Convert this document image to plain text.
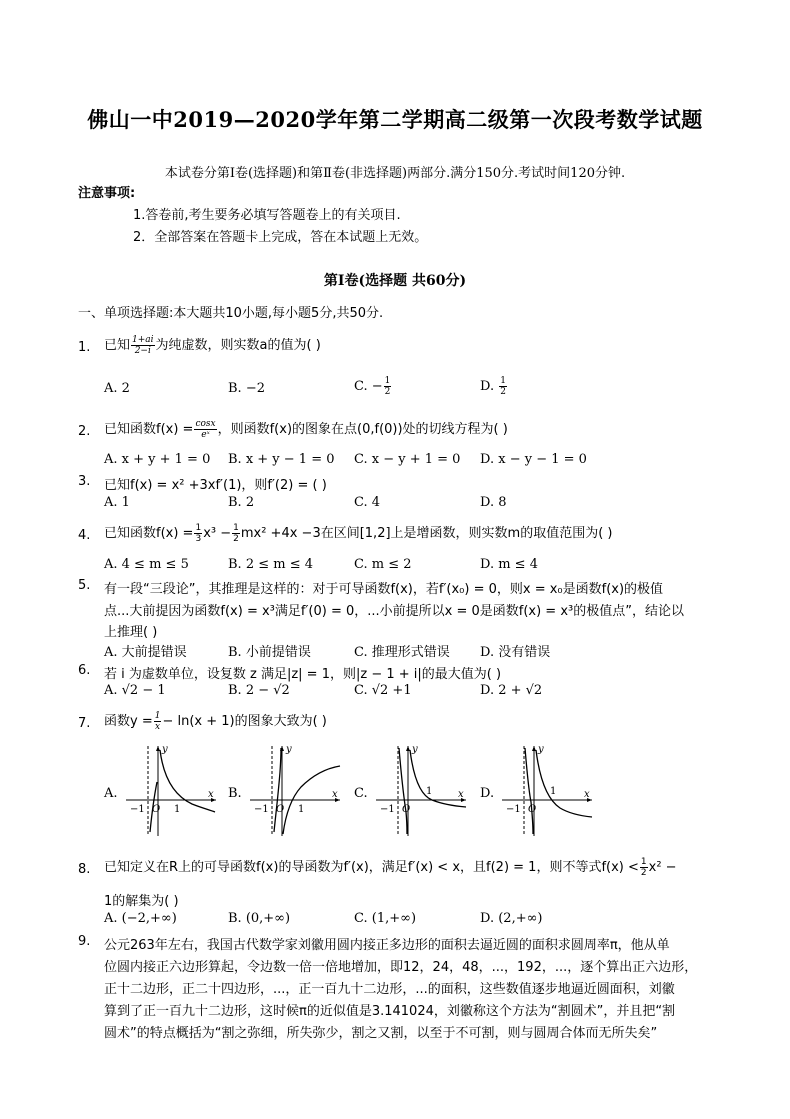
佛山一中2019—2020学年第二学期高二级第一次段考数学试题
本试卷分第Ⅰ卷(选择题)和第Ⅱ卷(非选择题)两部分.满分150分.考试时间120分钟.
注意事项:
1.答卷前,考生要务必填写答题卷上的有关项目.
2．全部答案在答题卡上完成，答在本试题上无效。
第Ⅰ卷(选择题 共60分)
一、单项选择题:本大题共10小题,每小题5分,共50分.
1. 已知 $\frac{1+ai}{2-i}$ 为纯虚数，则实数a的值为( )
A. 2	B. −2	C. − $\frac{1}{2}$	D. $\frac{1}{2}$
2. 已知函数$f(x) = \frac{\cos x}{\text{eˣ}}$ ，则函数f(x)的图象在点(0,f(0))处的切线方程为( )
A. x + y + 1 = 0 B. x + y − 1 = 0 C. x − y + 1 = 0 D. x − y − 1 = 0
3. 已知f(x) = x² +3xf′(1)，则f′(2) = ( )
A. 1	B. 2	C. 4	D. 8
4. 已知函数$f(x) = \frac{1}{3} x^3 - \frac{1}{2} mx^2 +4x -3$在区间[1,2]上是增函数，则实数m的取值范围为( )
A. 4 ≤ m ≤ 5	B. 2 ≤ m ≤ 4	C. m ≤ 2	D. m ≤ 4
5. 有一段“三段论”，其推理是这样的：对于可导函数f(x)，若f′(x₀) = 0，则x = x₀是函数f(x)的极值
点...大前提因为函数f(x) = x³满足f′(0) = 0，...小前提所以x = 0是函数f(x) = x³的极值点”，结论以
上推理( )
A. 大前提错误	B. 小前提错误	C. 推理形式错误 D. 没有错误
6. 若 i 为虚数单位，设复数 z 满足|z| = 1，则|z − 1 + i|的最大值为( )
A. √2 − 1	B. 2 − √2	C. √2 +1	D. 2 + √2
7. 函数$y = \frac{1}{x} - \ln(x + 1)$的图象大致为( )
A.	B.	C.	D.
y
x
−1 O 1
y
x
−1 O 1
y
x
−1 O
1
y
x
−1 O
1
8. 已知定义在R上的可导函数f(x)的导函数为f′(x)，满足f′(x) < x，且f(2) = 1，则不等式$f(x) < \frac{1}{2} x^2$ −
1的解集为( )
A. (−2,+∞)	B. (0,+∞)	C. (1,+∞)	D. (2,+∞)
9. 公元263年左右，我国古代数学家刘徽用圆内接正多边形的面积去逼近圆的面积求圆周率π，他从单
位圆内接正六边形算起，令边数一倍一倍地增加，即12，24，48，...，192，...，逐个算出正六边形，
正十二边形，正二十四边形，...，正一百九十二边形，...的面积，这些数值逐步地逼近圆面积，刘徽
算到了正一百九十二边形，这时候π的近似值是3.141024，刘徽称这个方法为“割圆术”，并且把“割
圆术”的特点概括为“割之弥细，所失弥少，割之又割，以至于不可割，则与圆周合体而无所失矣”
